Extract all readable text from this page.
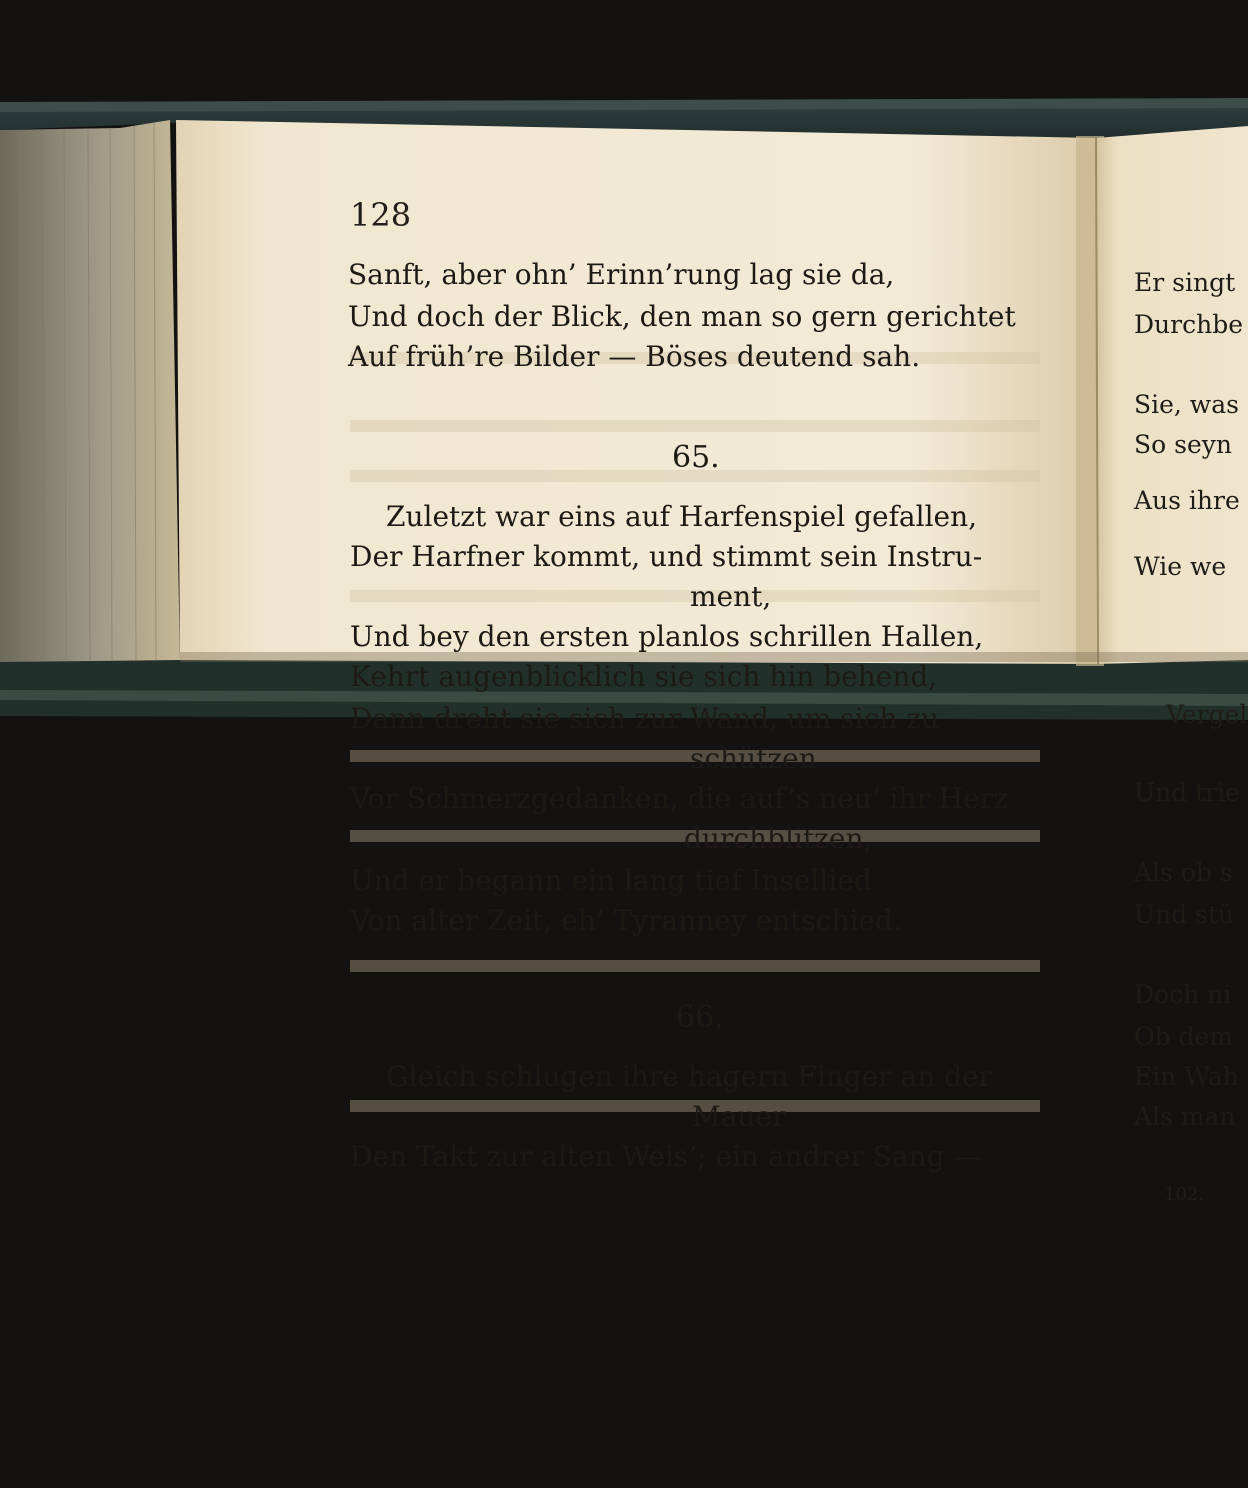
128
Sanft, aber ohn’ Erinn’rung lag sie da,
Und doch der Blick, den man so gern gerichtet
Auf früh’re Bilder — Böses deutend sah.
65.
Zuletzt war eins auf Harfenspiel gefallen,
Der Harfner kommt, und stimmt sein Instru-
ment,
Und bey den ersten planlos schrillen Hallen,
Kehrt augenblicklich sie sich hin behend,
Dann dreht sie sich zur Wand, um sich zu
schützen
Vor Schmerzgedanken, die auf’s neu’ ihr Herz
durchblitzen,
Und er begann ein lang tief Insellied
Von alter Zeit, eh’ Tyranney entschied.
66.
Gleich schlugen ihre hagern Finger an der
Mauer
Den Takt zur alten Weis’; ein andrer Sang —
Er singt
Durchbe
Sie, was
So seyn
Aus ihre
Wie we
Vergel
Und trie
Als ob s
Und stü
Doch ni
Ob dem
Ein Wah
Als man
102.
